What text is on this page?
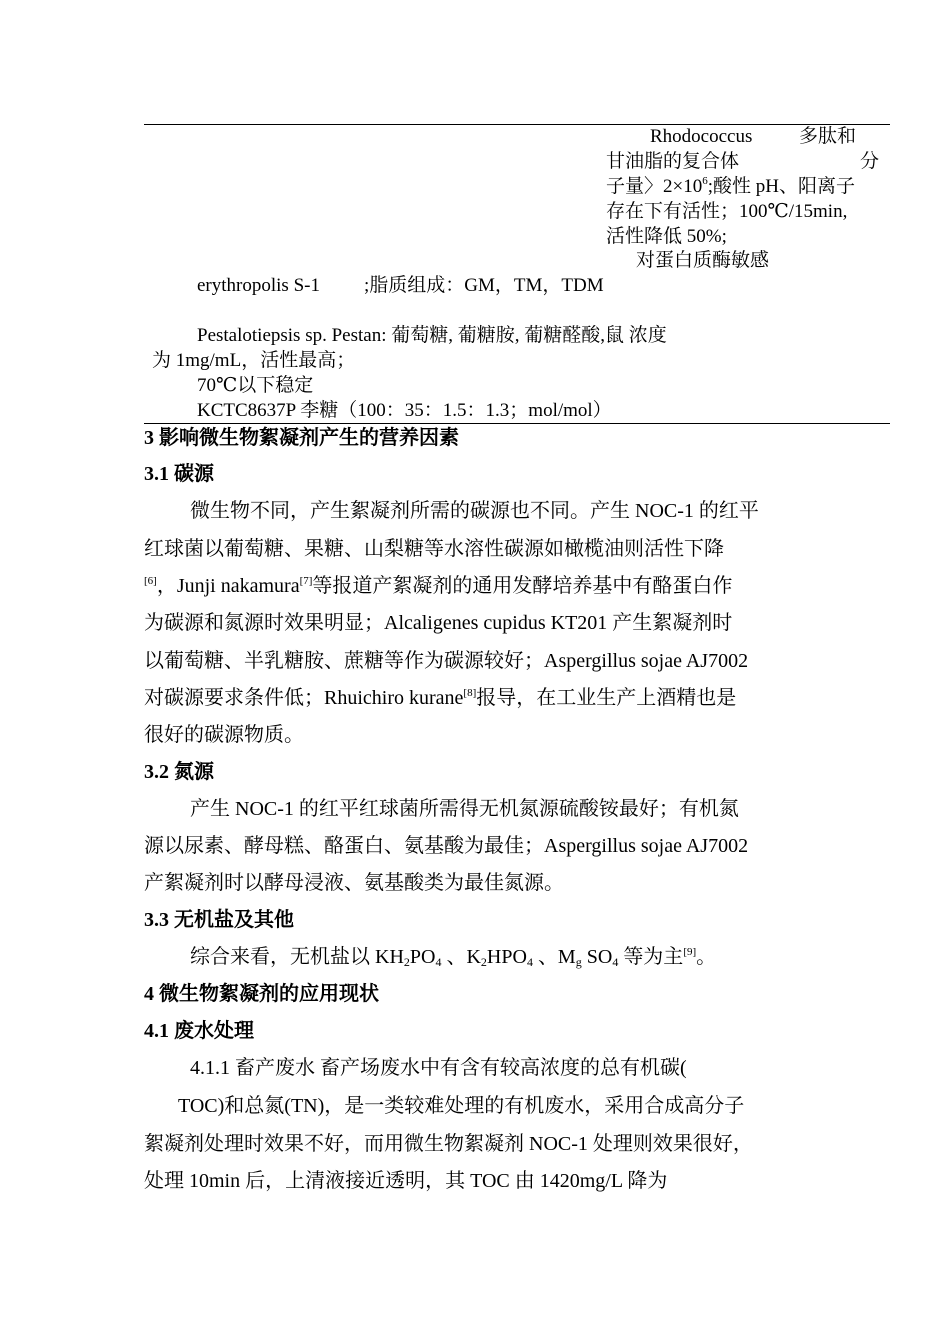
Rhodococcus 多肽和
甘油脂的复合体	分
子量〉$2\times 10^6$;酸性 pH、阳离子
存在下有活性；100℃/15min,
活性降低 50%;
对蛋白质酶敏感
erythropolis S-1 ;脂质组成：GM，TM，TDM
Pestalotiepsis sp. Pestan: 葡萄糖, 葡糖胺, 葡糖醛酸,鼠 浓度
为 1mg/mL，活性最高；
70℃以下稳定
KCTC8637P 李糖（100：35：1.5：1.3；mol/mol）
3 影响微生物絮凝剂产生的营养因素
3.1 碳源
微生物不同，产生絮凝剂所需的碳源也不同。产生 NOC-1 的红平
红球菌以葡萄糖、果糖、山梨糖等水溶性碳源如橄榄油则活性下降
[6]，Junji nakamura[7]等报道产絮凝剂的通用发酵培养基中有酪蛋白作
为碳源和氮源时效果明显；Alcaligenes cupidus KT201 产生絮凝剂时
以葡萄糖、半乳糖胺、蔗糖等作为碳源较好；Aspergillus sojae AJ7002
对碳源要求条件低；Rhuichiro kurane[8]报导，在工业生产上酒精也是
很好的碳源物质。
3.2 氮源
产生 NOC-1 的红平红球菌所需得无机氮源硫酸铵最好；有机氮
源以尿素、酵母糕、酪蛋白、氨基酸为最佳；Aspergillus sojae AJ7002
产絮凝剂时以酵母浸液、氨基酸类为最佳氮源。
3.3 无机盐及其他
综合来看，无机盐以 $KH_2PO_4$ 、$K_2HPO_4$ 、$M_g$ $SO_4$ 等为主[9]。
4 微生物絮凝剂的应用现状
4.1 废水处理
4.1.1 畜产废水 畜产场废水中有含有较高浓度的总有机碳(
TOC)和总氮(TN)，是一类较难处理的有机废水，采用合成高分子
絮凝剂处理时效果不好，而用微生物絮凝剂 NOC-1 处理则效果很好，
处理 10min 后，上清液接近透明，其 TOC 由 1420mg/L 降为
